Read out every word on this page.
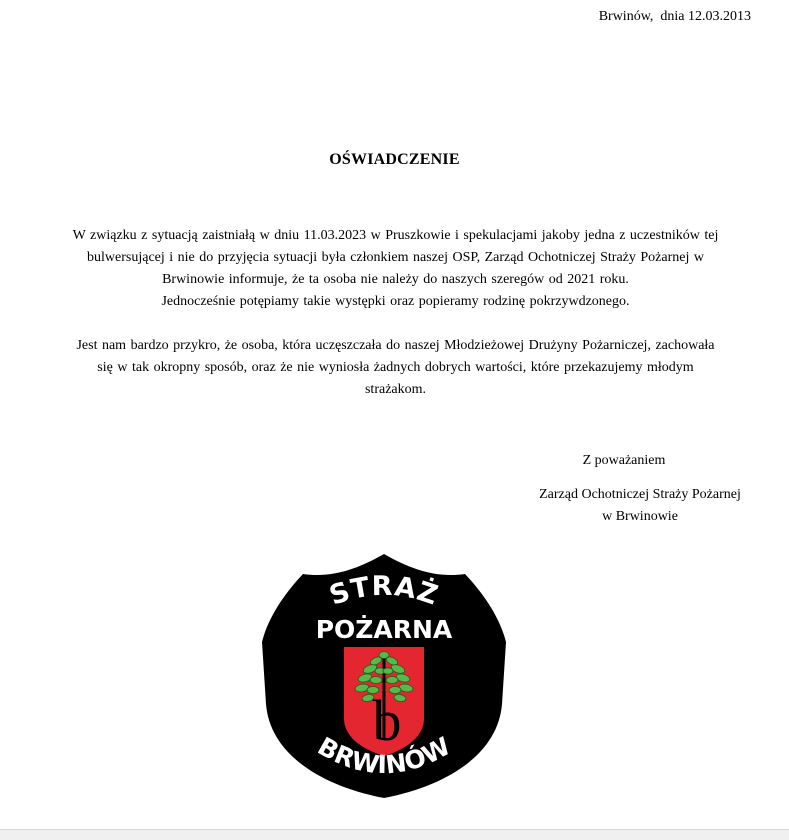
Brwinów,  dnia 12.03.2013
OŚWIADCZENIE
W związku z sytuacją zaistniałą w dniu 11.03.2023 w Pruszkowie i spekulacjami jakoby jedna z uczestników tej
bulwersującej i nie do przyjęcia sytuacji była członkiem naszej OSP, Zarząd Ochotniczej Straży Pożarnej w
Brwinowie informuje, że ta osoba nie należy do naszych szeregów od 2021 roku.
Jednocześnie potępiamy takie występki oraz popieramy rodzinę pokrzywdzonego.
Jest nam bardzo przykro, że osoba, która uczęszczała do naszej Młodzieżowej Drużyny Pożarniczej, zachowała
się w tak okropny sposób, oraz że nie wyniosła żadnych dobrych wartości, które przekazujemy młodym
strażakom.
Z poważaniem
Zarząd Ochotniczej Straży Pożarnej
w Brwinowie
b
STRAŻ
POŻARNA
BRWINÓW
